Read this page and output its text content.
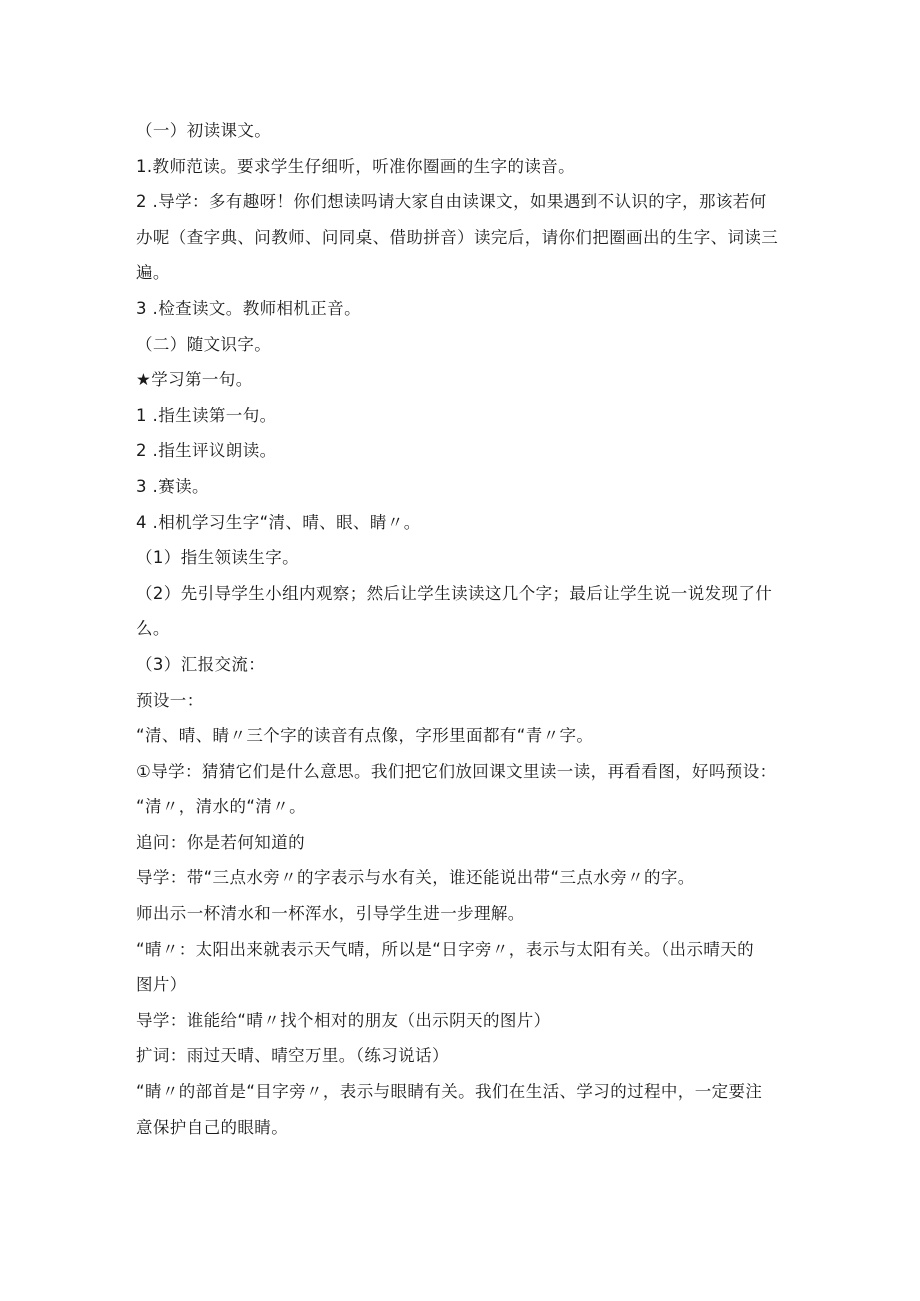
（一）初读课文。
1.教师范读。要求学生仔细听，听准你圈画的生字的读音。
2 .导学：多有趣呀！你们想读吗请大家自由读课文，如果遇到不认识的字，那该若何
办呢（查字典、问教师、问同桌、借助拼音）读完后，请你们把圈画出的生字、词读三
遍。
3 .检查读文。教师相机正音。
（二）随文识字。
★学习第一句。
1 .指生读第一句。
2 .指生评议朗读。
3 .赛读。
4 .相机学习生字“清、晴、眼、睛〃。
（1）指生领读生字。
（2）先引导学生小组内观察；然后让学生读读这几个字；最后让学生说一说发现了什
么。
（3）汇报交流：
预设一：
“清、晴、睛〃三个字的读音有点像，字形里面都有“青〃字。
①导学：猜猜它们是什么意思。我们把它们放回课文里读一读，再看看图，好吗预设：
“清〃，清水的“清〃。
追问：你是若何知道的
导学：带“三点水旁〃的字表示与水有关，谁还能说出带“三点水旁〃的字。
师出示一杯清水和一杯浑水，引导学生进一步理解。
“晴〃：太阳出来就表示天气晴，所以是“日字旁〃，表示与太阳有关。（出示晴天的
图片）
导学：谁能给“晴〃找个相对的朋友（出示阴天的图片）
扩词：雨过天晴、晴空万里。（练习说话）
“睛〃的部首是“目字旁〃，表示与眼睛有关。我们在生活、学习的过程中，一定要注
意保护自己的眼睛。
